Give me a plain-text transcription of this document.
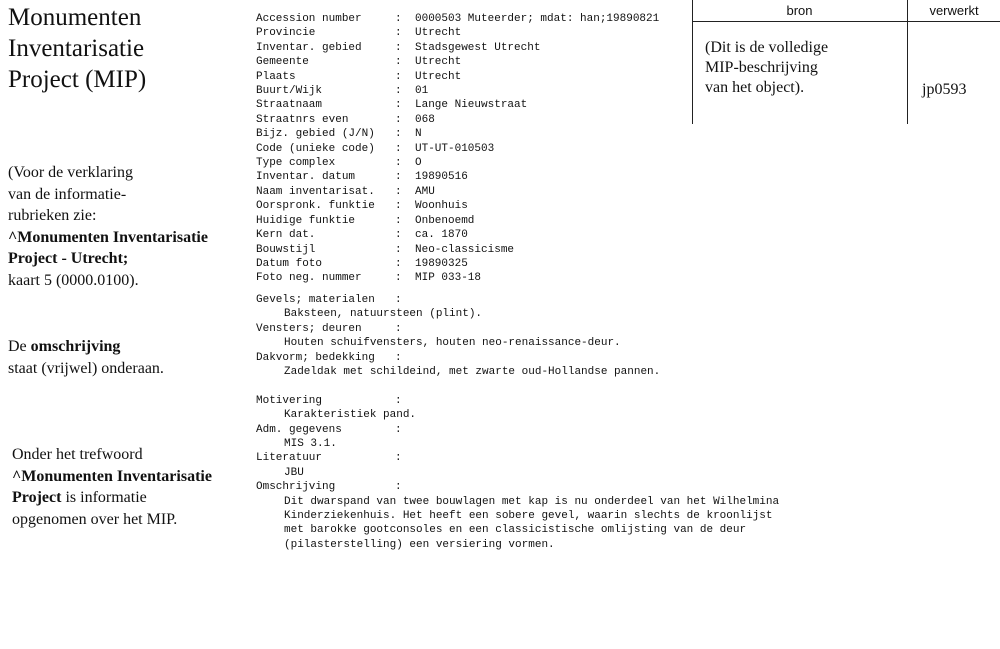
Monumenten
Inventarisatie
Project (MIP)
(Voor de verklaring
van de informatie-
rubrieken zie:
^Monumenten Inventarisatie
Project - Utrecht;
kaart 5 (0000.0100).
De omschrijving
staat (vrijwel) onderaan.
Onder het trefwoord
^Monumenten Inventarisatie
Project is informatie
opgenomen over het MIP.
Accession number	: 0000503 Muteerder; mdat: han;19890821
Provincie	: Utrecht
Inventar. gebied	: Stadsgewest Utrecht
Gemeente	: Utrecht
Plaats	: Utrecht
Buurt/Wijk	: 01
Straatnaam	: Lange Nieuwstraat
Straatnrs even	: 068
Bijz. gebied (J/N) : N
Code (unieke code) : UT-UT-010503
Type complex	: O
Inventar. datum	: 19890516
Naam inventarisat. : AMU
Oorspronk. funktie : Woonhuis
Huidige funktie	: Onbenoemd
Kern dat.	: ca. 1870
Bouwstijl	: Neo-classicisme
Datum foto	: 19890325
Foto neg. nummer	: MIP 033-18
Gevels; materialen :
Baksteen, natuursteen (plint).
Vensters; deuren	:
Houten schuifvensters, houten neo-renaissance-deur.
Dakvorm; bedekking :
Zadeldak met schildeind, met zwarte oud-Hollandse pannen.
Motivering	:
Karakteristiek pand.
Adm. gegevens	:
MIS 3.1.
Literatuur	:
JBU
Omschrijving	:
Dit dwarspand van twee bouwlagen met kap is nu onderdeel van het Wilhelmina
Kinderziekenhuis. Het heeft een sobere gevel, waarin slechts de kroonlijst
met barokke gootconsoles en een classicistische omlijsting van de deur
(pilasterstelling) een versiering vormen.
bron	verwerkt
(Dit is de volledige
MIP-beschrijving
van het object).	jp0593
